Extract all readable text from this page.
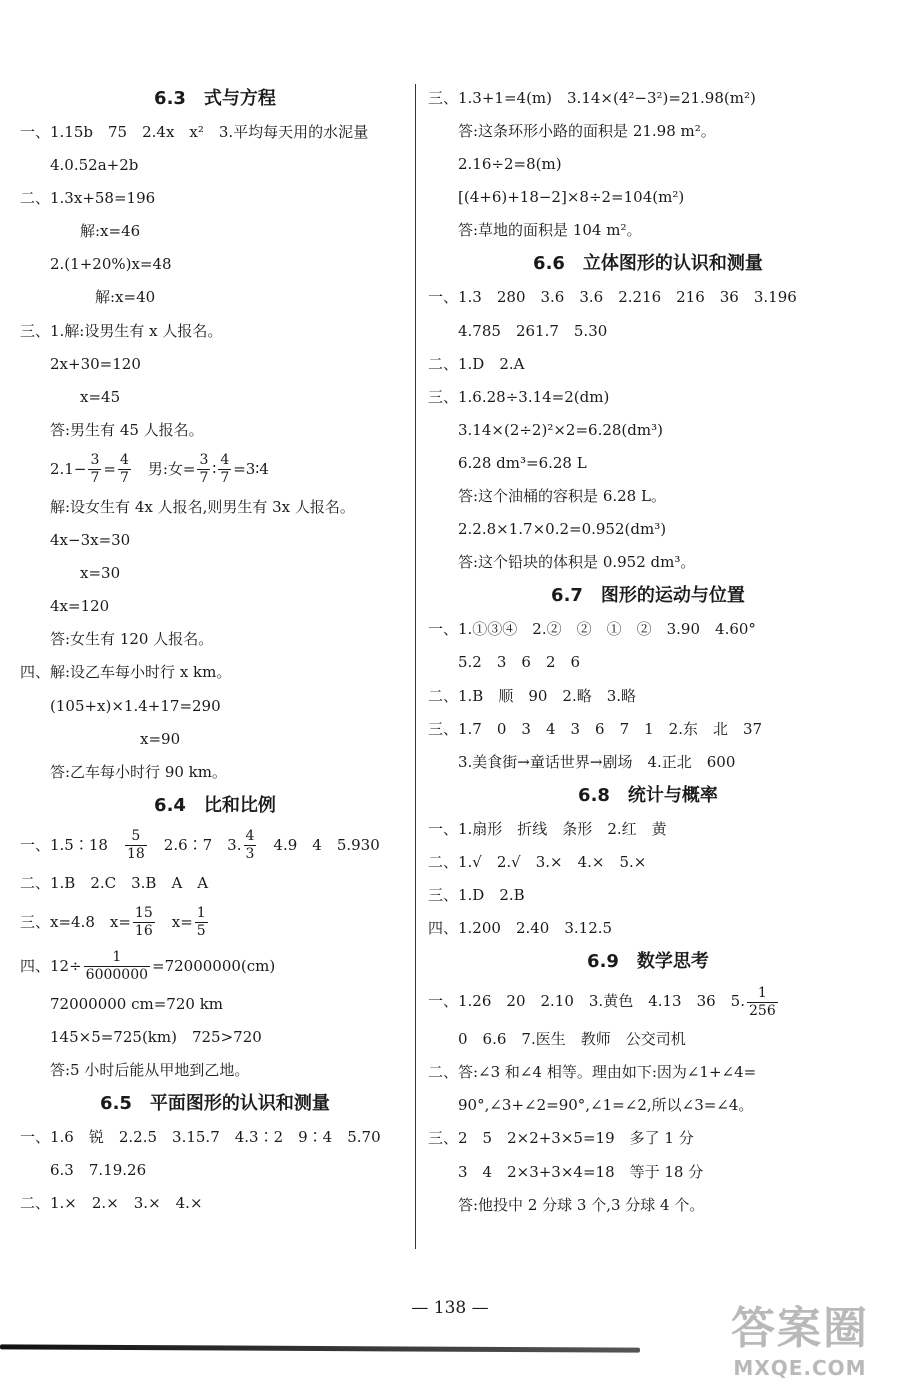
6.3　式与方程
一、1.15b　75　2.4x　x²　3.平均每天用的水泥量
　　4.0.52a+2b
二、1.3x+58=196
　　　　解:x=46
　　2.(1+20%)x=48
　　　　　解:x=40
三、1.解:设男生有 x 人报名。
　　2x+30=120
　　　　x=45
　　答:男生有 45 人报名。
　　$2.1- \frac{3}{7} = \frac{4}{7}$ 　男:女= $\frac{3}{7}$ ∶ $\frac{4}{7}$ =3∶4
　　解:设女生有 4x 人报名,则男生有 3x 人报名。
　　4x−3x=30
　　　　x=30
　　4x=120
　　答:女生有 120 人报名。
四、解:设乙车每小时行 x km。
　　(105+x)×1.4+17=290
　　　　　　　　x=90
　　答:乙车每小时行 90 km。
6.4　比和比例
一、1.5∶18　 $\frac{5}{18}$ 　2.6∶7　3. $\frac{4}{3}$ 　4.9　4　5.930
二、1.B　2.C　3.B　A　A
三、x=4.8　$x= \frac{15}{16}$ 　$x= \frac{1}{5}$
四、$12\div \frac{1}{6000000} =72000000(cm)$
　　72000000 cm=720 km
　　145×5=725(km)　725>720
　　答:5 小时后能从甲地到乙地。
6.5　平面图形的认识和测量
一、1.6　锐　2.2.5　3.15.7　4.3∶2　9∶4　5.70
　　6.3　7.19.26
二、1.×　2.×　3.×　4.×
三、1.3+1=4(m)　3.14×(4²−3²)=21.98(m²)
　　答:这条环形小路的面积是 21.98 m²。
　　2.16÷2=8(m)
　　[(4+6)+18−2]×8÷2=104(m²)
　　答:草地的面积是 104 m²。
6.6　立体图形的认识和测量
一、1.3　280　3.6　3.6　2.216　216　36　3.196
　　4.785　261.7　5.30
二、1.D　2.A
三、1.6.28÷3.14=2(dm)
　　3.14×(2÷2)²×2=6.28(dm³)
　　6.28 dm³=6.28 L
　　答:这个油桶的容积是 6.28 L。
　　2.2.8×1.7×0.2=0.952(dm³)
　　答:这个铅块的体积是 0.952 dm³。
6.7　图形的运动与位置
一、1.①③④　2.②　②　①　②　3.90　4.60°
　　5.2　3　6　2　6
二、1.B　顺　90　2.略　3.略
三、1.7　0　3　4　3　6　7　1　2.东　北　37
　　3.美食街→童话世界→剧场　4.正北　600
6.8　统计与概率
一、1.扇形　折线　条形　2.红　黄
二、1.√　2.√　3.×　4.×　5.×
三、1.D　2.B
四、1.200　2.40　3.12.5
6.9　数学思考
一、1.26　20　2.10　3.黄色　4.13　36　5. $\frac{1}{256}$
　　0　6.6　7.医生　教师　公交司机
二、答:∠3 和∠4 相等。理由如下:因为∠1+∠4=
　　90°,∠3+∠2=90°,∠1=∠2,所以∠3=∠4。
三、2　5　2×2+3×5=19　多了 1 分
　　3　4　2×3+3×4=18　等于 18 分
　　答:他投中 2 分球 3 个,3 分球 4 个。
— 138 —	答案圈
MXQE.COM
